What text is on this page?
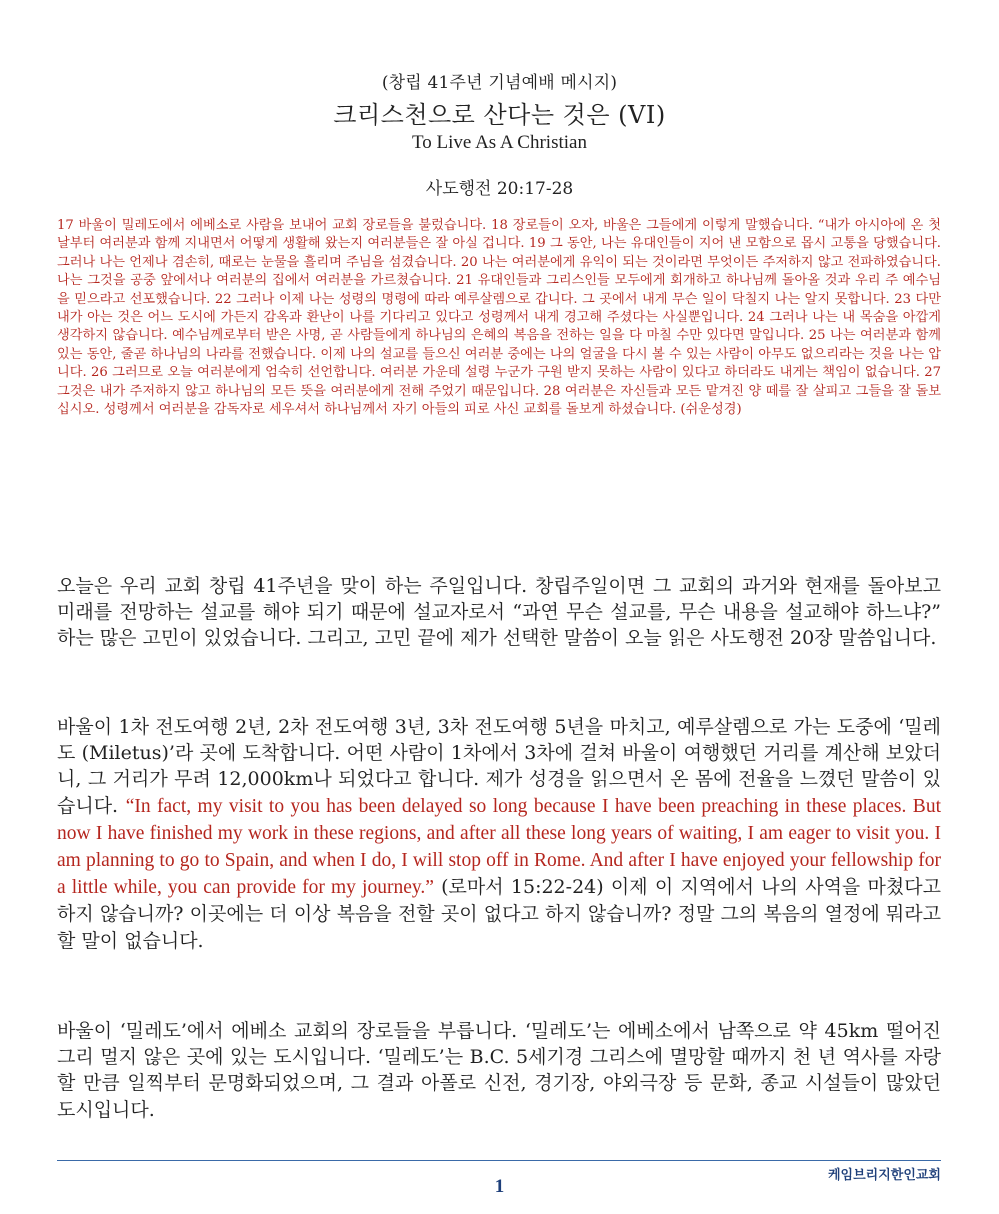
(창립 41주년 기념예배 메시지)
크리스천으로 산다는 것은 (VI)
To Live As A Christian
사도행전 20:17-28

17 바울이 밀레도에서 에베소로 사람을 보내어 교회 장로들을 불렀습니다. 18 장로들이 오자, 바울은 그들에게 이렇게 말했습니다. “내가 아시아에 온 첫날부터 여러분과 함께 지내면서 어떻게 생활해 왔는지 여러분들은 잘 아실 겁니다. 19 그 동안, 나는 유대인들이 지어 낸 모함으로 몹시 고통을 당했습니다. 그러나 나는 언제나 겸손히, 때로는 눈물을 흘리며 주님을 섬겼습니다. 20 나는 여러분에게 유익이 되는 것이라면 무엇이든 주저하지 않고 전파하였습니다. 나는 그것을 공중 앞에서나 여러분의 집에서 여러분을 가르쳤습니다. 21 유대인들과 그리스인들 모두에게 회개하고 하나님께 돌아올 것과 우리 주 예수님을 믿으라고 선포했습니다. 22 그러나 이제 나는 성령의 명령에 따라 예루살렘으로 갑니다. 그 곳에서 내게 무슨 일이 닥칠지 나는 알지 못합니다. 23 다만 내가 아는 것은 어느 도시에 가든지 감옥과 환난이 나를 기다리고 있다고 성령께서 내게 경고해 주셨다는 사실뿐입니다. 24 그러나 나는 내 목숨을 아깝게 생각하지 않습니다. 예수님께로부터 받은 사명, 곧 사람들에게 하나님의 은혜의 복음을 전하는 일을 다 마칠 수만 있다면 말입니다. 25 나는 여러분과 함께 있는 동안, 줄곧 하나님의 나라를 전했습니다. 이제 나의 설교를 들으신 여러분 중에는 나의 얼굴을 다시 볼 수 있는 사람이 아무도 없으리라는 것을 나는 압니다. 26 그러므로 오늘 여러분에게 엄숙히 선언합니다. 여러분 가운데 설령 누군가 구원 받지 못하는 사람이 있다고 하더라도 내게는 책임이 없습니다. 27 그것은 내가 주저하지 않고 하나님의 모든 뜻을 여러분에게 전해 주었기 때문입니다. 28 여러분은 자신들과 모든 맡겨진 양 떼를 잘 살피고 그들을 잘 돌보십시오. 성령께서 여러분을 감독자로 세우셔서 하나님께서 자기 아들의 피로 사신 교회를 돌보게 하셨습니다. (쉬운성경)

오늘은 우리 교회 창립 41주년을 맞이 하는 주일입니다. 창립주일이면 그 교회의 과거와 현재를 돌아보고 미래를 전망하는 설교를 해야 되기 때문에 설교자로서 “과연 무슨 설교를, 무슨 내용을 설교해야 하느냐?” 하는 많은 고민이 있었습니다. 그리고, 고민 끝에 제가 선택한 말씀이 오늘 읽은 사도행전 20장 말씀입니다.

바울이 1차 전도여행 2년, 2차 전도여행 3년, 3차 전도여행 5년을 마치고, 예루살렘으로 가는 도중에 ‘밀레도 (Miletus)’라 곳에 도착합니다. 어떤 사람이 1차에서 3차에 걸쳐 바울이 여행했던 거리를 계산해 보았더니, 그 거리가 무려 12,000km나 되었다고 합니다. 제가 성경을 읽으면서 온 몸에 전율을 느꼈던 말씀이 있습니다. “In fact, my visit to you has been delayed so long because I have been preaching in these places. But now I have finished my work in these regions, and after all these long years of waiting, I am eager to visit you. I am planning to go to Spain, and when I do, I will stop off in Rome. And after I have enjoyed your fellowship for a little while, you can provide for my journey.” (로마서 15:22-24) 이제 이 지역에서 나의 사역을 마쳤다고 하지 않습니까? 이곳에는 더 이상 복음을 전할 곳이 없다고 하지 않습니까? 정말 그의 복음의 열정에 뭐라고 할 말이 없습니다.

바울이 ‘밀레도’에서 에베소 교회의 장로들을 부릅니다. ‘밀레도’는 에베소에서 남쪽으로 약 45km 떨어진 그리 멀지 않은 곳에 있는 도시입니다. ‘밀레도’는 B.C. 5세기경 그리스에 멸망할 때까지 천 년 역사를 자랑할 만큼 일찍부터 문명화되었으며, 그 결과 아폴로 신전, 경기장, 야외극장 등 문화, 종교 시설들이 많았던 도시입니다.

1
케임브리지한인교회
